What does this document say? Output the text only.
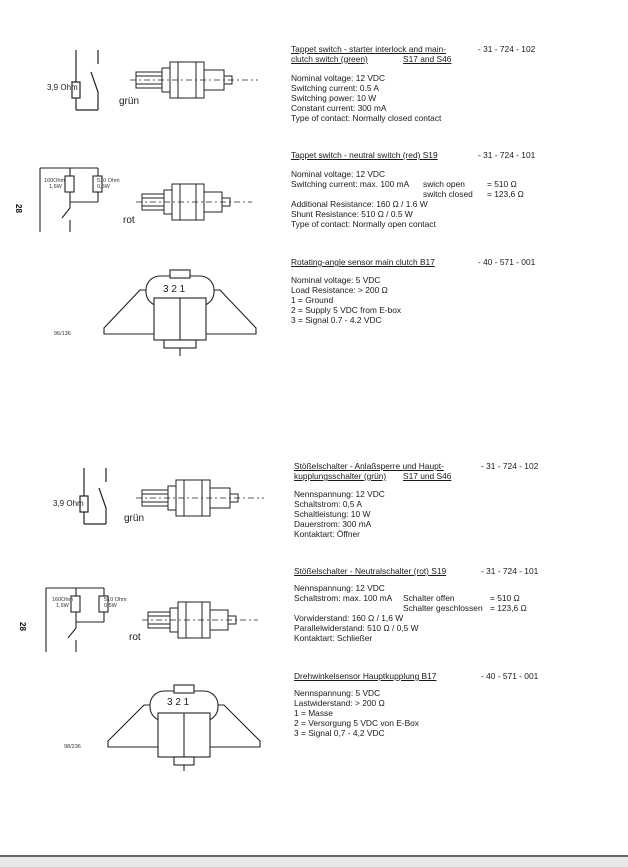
28
28
3,9 Ohm
grün
Tappet switch - starter interlock and main-
clutch switch (green)	S17 and S46
- 31 - 724 - 102
Nominal voltage: 12 VDC
Switching current: 0.5 A
Switching power: 10 W
Constant current: 300 mA
Type of contact: Normally closed contact
160Ohm
1,6W
510 Ohm
0,5W
rot
Tappet switch - neutral switch (red) S19	- 31 - 724 - 101
Nominal voltage: 12 VDC
Switching current: max. 100 mA swich open	= 510 Ω
switch closed = 123,6 Ω
Additional Resistance: 160 Ω / 1.6 W
Shunt Resistance: 510 Ω / 0.5 W
Type of contact: Normally open contact
3 2 1
96/136
Rotating-angle sensor main clutch B17	- 40 - 571 - 001
Nominal voltage: 5 VDC
Load Resistance: > 200 Ω
1 = Ground
2 = Supply 5 VDC from E-box
3 = Signal 0.7 - 4.2 VDC
3,9 Ohm
grün
Stößelschalter - Anlaßsperre und Haupt-
kupplungsschalter (grün) S17 und S46
- 31 - 724 - 102
Nennspannung: 12 VDC
Schaltstrom: 0,5 A
Schaltleistung: 10 W
Dauerstrom: 300 mA
Kontaktart: Öffner
160Ohm
1,6W
510 Ohm
0,5W
rot
Stößelschalter - Neutralschalter (rot) S19	- 31 - 724 - 101
Nennspannung: 12 VDC
Schaltstrom: max. 100 mA Schalter offen	= 510 Ω
Schalter geschlossen = 123,6 Ω
Vorwiderstand: 160 Ω / 1,6 W
Parallelwiderstand: 510 Ω / 0,5 W
Kontaktart: Schließer
3 2 1
98/236
Drehwinkelsensor Hauptkupplung B17	- 40 - 571 - 001
Nennspannung: 5 VDC
Lastwiderstand: > 200 Ω
1 = Masse
2 = Versorgung 5 VDC von E-Box
3 = Signal 0,7 - 4,2 VDC
